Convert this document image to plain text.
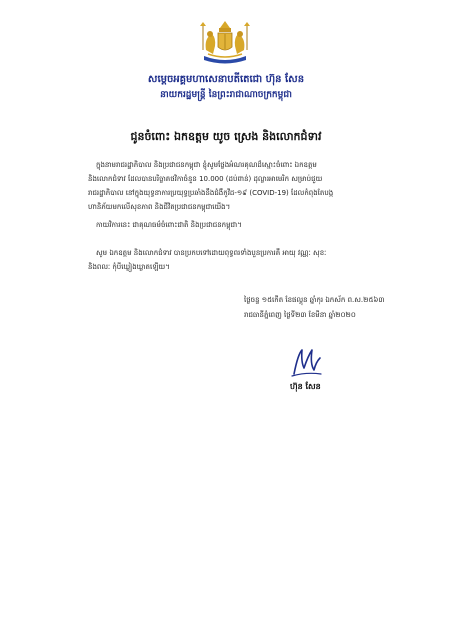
សម្តេចអគ្គមហាសេនាបតីតេជោ ហ៊ុន សែន
នាយករដ្ឋមន្ត្រី នៃព្រះរាជាណាចក្រកម្ពុជា
ជូនចំពោះ ឯកឧត្តម យូច ស្រេង និងលោកជំទាវ
ក្នុងនាមរាជរដ្ឋាភិបាល និងប្រជាជនកម្ពុជា ខ្ញុំសូមថ្លែងអំណរគុណដ៏ស្មោះចំពោះ ឯកឧត្តម
និងលោកជំទាវ ដែលបានបរិច្ចាគថវិកាចំនួន 10.000 (ដប់ពាន់) ដុល្លារអាមេរិក សម្រាប់ជួយ
រាជរដ្ឋាភិបាល នៅក្នុងយុទ្ធនាការប្រយុទ្ធប្រឆាំងនឹងជំងឺកូវីដ-១៩ (COVID-19) ដែលកំពុងតែបង្ក
ហានិភ័យមកលើសុខភាព និងជីវិតប្រជាជនកម្ពុជាយើង។
កាយវិការនេះ ជាគុណធម៌ចំពោះជាតិ និងប្រជាជនកម្ពុជា។
សូម ឯកឧត្តម និងលោកជំទាវ បានប្រកបទៅដោយពុទ្ធពរទាំងបួនប្រការគឺ អាយុ វណ្ណៈ សុខៈ
និងពលៈ កុំបីឃ្លៀងឃ្លាតឡើយ។
ថ្ងៃចន្ទ ១៥កើត ខែផល្គុន ឆ្នាំកុរ ឯកស័ក ព.ស.២៥៦៣
រាជធានីភ្នំពេញ ថ្ងៃទី២៣ ខែមីនា ឆ្នាំ២០២០
ហ៊ុន សែន
